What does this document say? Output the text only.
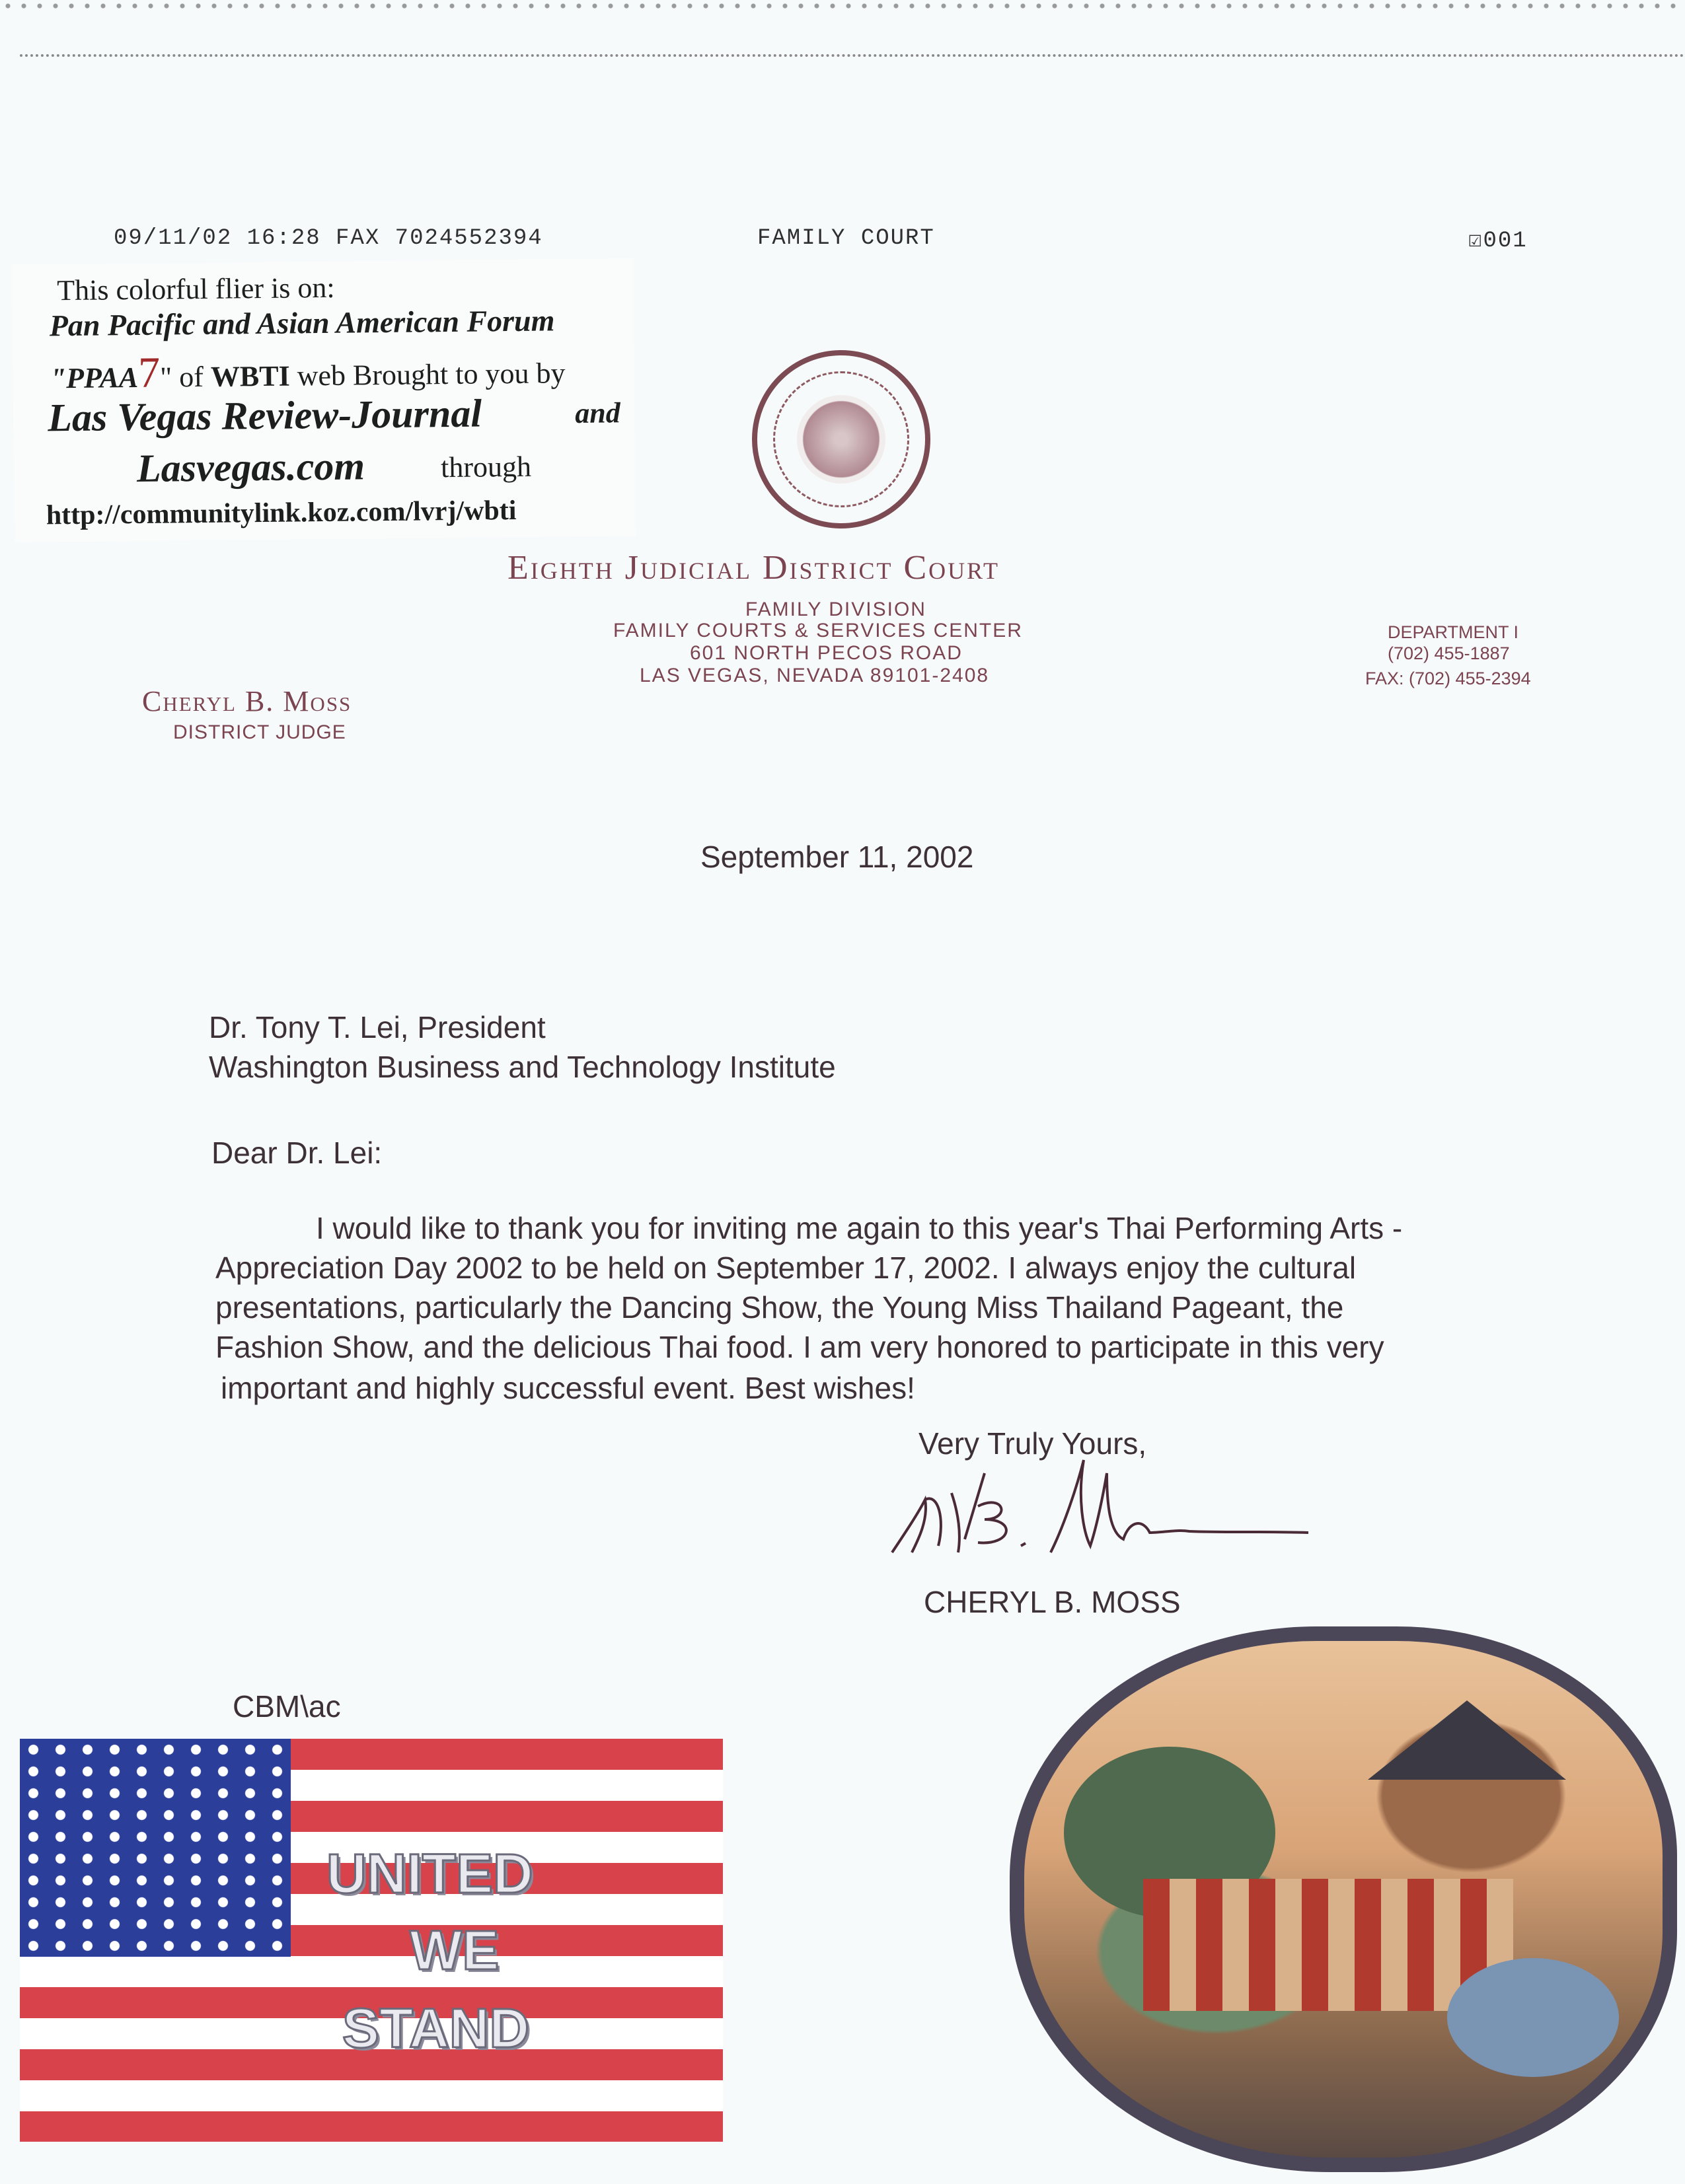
09/11/02 16:28 FAX 7024552394	FAMILY COURT	☑001
This colorful flier is on:
Pan Pacific and Asian American Forum
"PPAA7" of WBTI web Brought to you by
Las Vegas Review-Journal	and
Lasvegas.com	through
http://communitylink.koz.com/lvrj/wbti
Eighth Judicial District Court
FAMILY DIVISION
FAMILY COURTS & SERVICES CENTER
601 NORTH PECOS ROAD
LAS VEGAS, NEVADA 89101-2408
Cheryl B. Moss
DISTRICT JUDGE
DEPARTMENT I
(702) 455-1887
FAX: (702) 455-2394
September 11, 2002
Dr. Tony T. Lei, President
Washington Business and Technology Institute
Dear Dr. Lei:
I would like to thank you for inviting me again to this year's Thai Performing Arts -
Appreciation Day 2002 to be held on September 17, 2002. I always enjoy the cultural
presentations, particularly the Dancing Show, the Young Miss Thailand Pageant, the
Fashion Show, and the delicious Thai food. I am very honored to participate in this very
important and highly successful event. Best wishes!
Very Truly Yours,
CHERYL B. MOSS
CBM\ac
UNITED
WE
STAND
